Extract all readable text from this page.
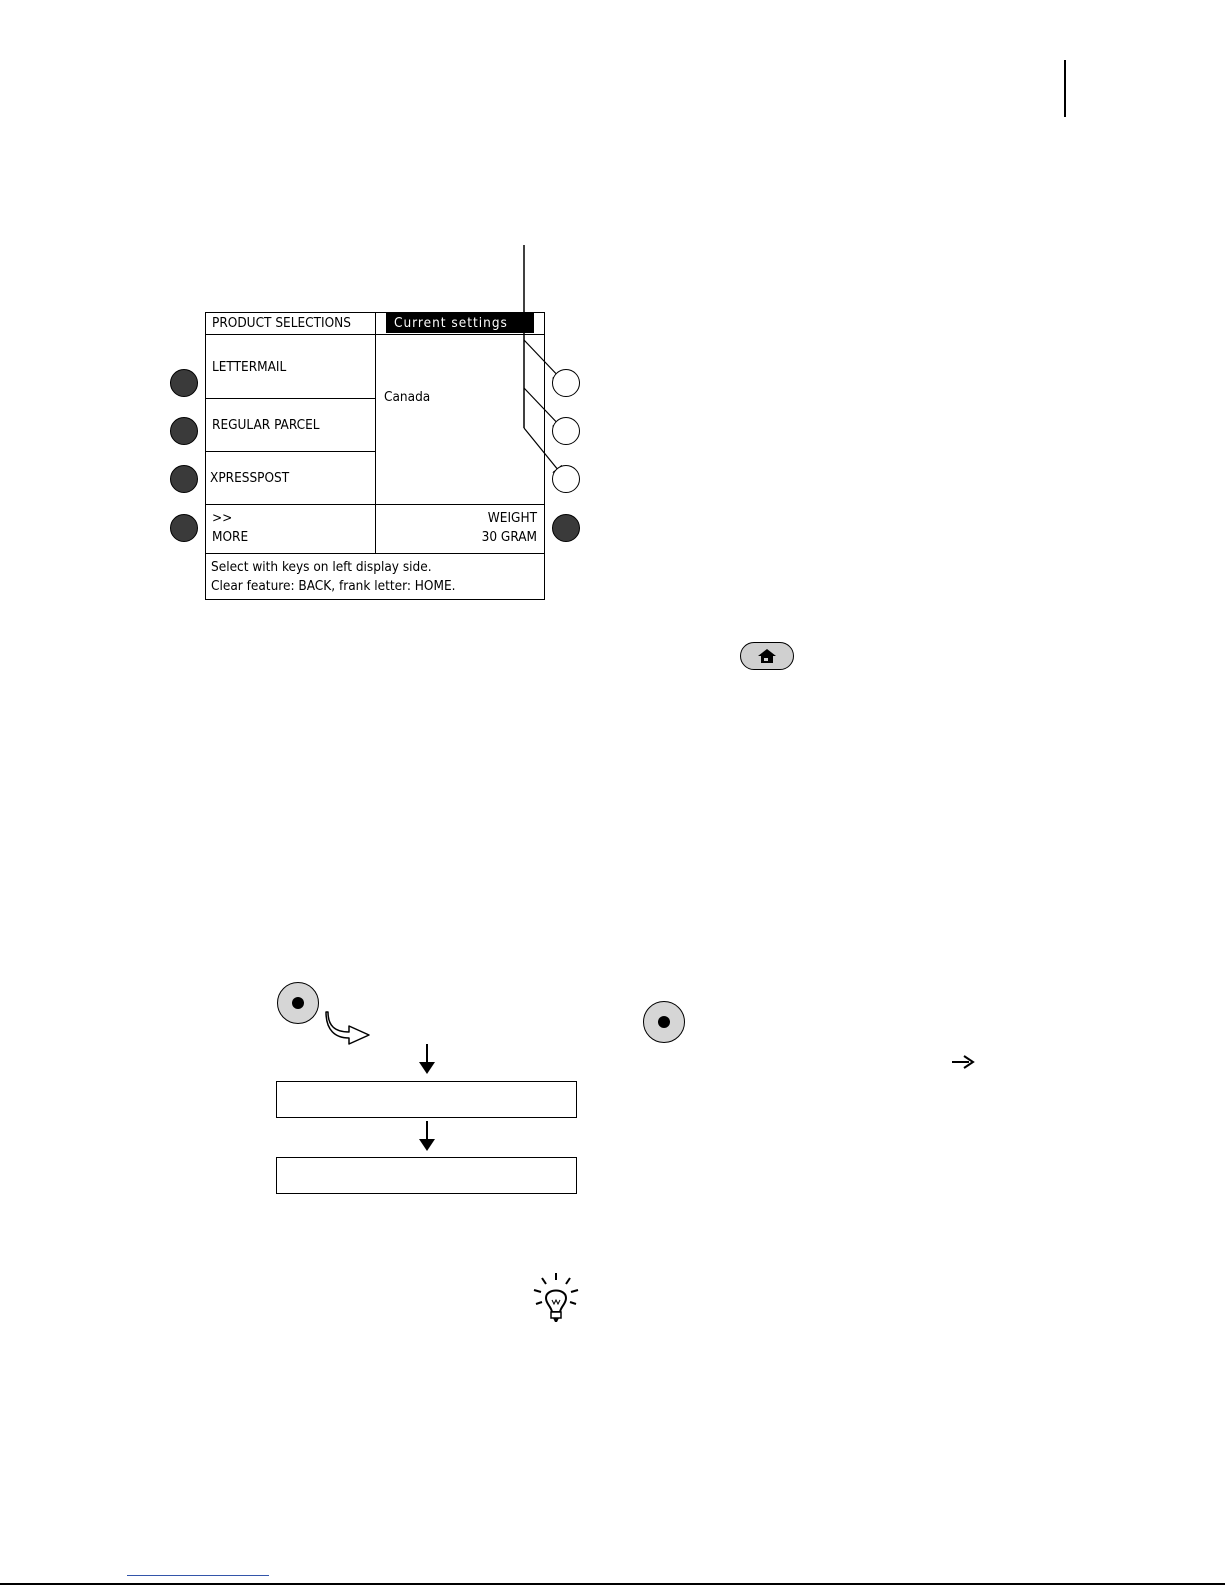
PRODUCT SELECTIONS	Current settings
LETTERMAIL
REGULAR PARCEL
XPRESSPOST
>>
MORE
Canada
WEIGHT
30 GRAM
Select with keys on left display side.
Clear feature: BACK, frank letter: HOME.
